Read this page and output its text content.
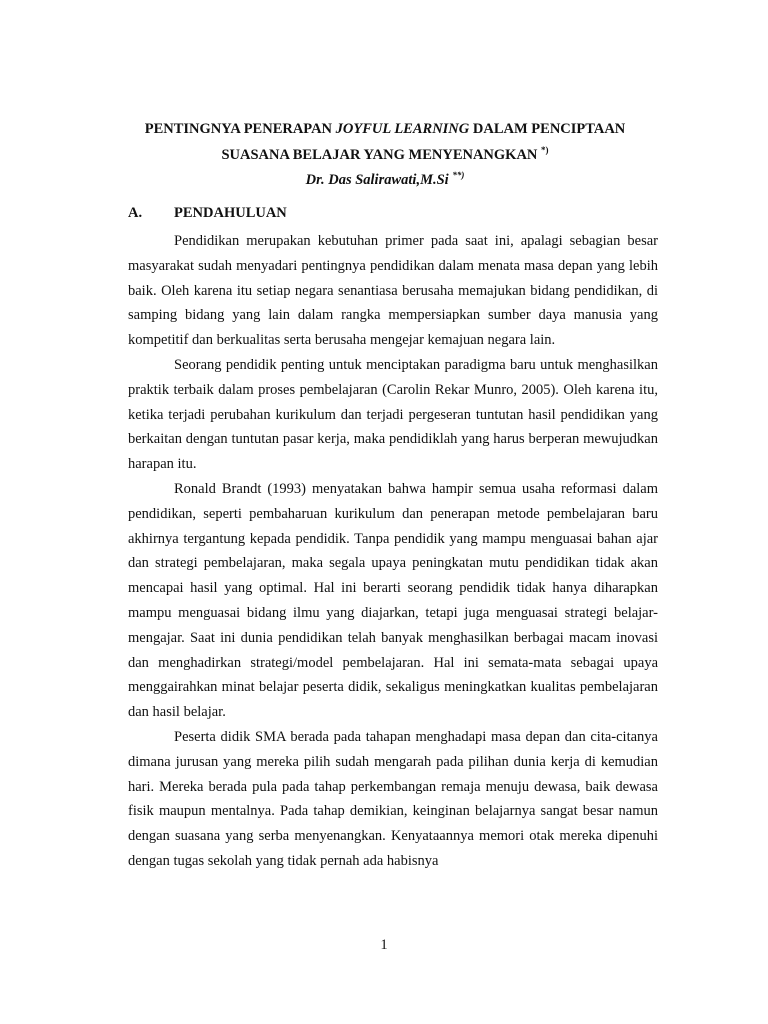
PENTINGNYA PENERAPAN JOYFUL LEARNING DALAM PENCIPTAAN
SUASANA BELAJAR YANG MENYENANGKAN *)
Dr. Das Salirawati,M.Si **)
A. PENDAHULUAN

Pendidikan merupakan kebutuhan primer pada saat ini, apalagi sebagian besar masyarakat sudah menyadari pentingnya pendidikan dalam menata masa depan yang lebih baik. Oleh karena itu setiap negara senantiasa berusaha memajukan bidang pendidikan, di samping bidang yang lain dalam rangka mempersiapkan sumber daya manusia yang kompetitif dan berkualitas serta berusaha mengejar kemajuan negara lain.

Seorang pendidik penting untuk menciptakan paradigma baru untuk menghasilkan praktik terbaik dalam proses pembelajaran (Carolin Rekar Munro, 2005). Oleh karena itu, ketika terjadi perubahan kurikulum dan terjadi pergeseran tuntutan hasil pendidikan yang berkaitan dengan tuntutan pasar kerja, maka pendidiklah yang harus berperan mewujudkan harapan itu.

Ronald Brandt (1993) menyatakan bahwa hampir semua usaha reformasi dalam pendidikan, seperti pembaharuan kurikulum dan penerapan metode pembelajaran baru akhirnya tergantung kepada pendidik. Tanpa pendidik yang mampu menguasai bahan ajar dan strategi pembelajaran, maka segala upaya peningkatan mutu pendidikan tidak akan mencapai hasil yang optimal. Hal ini berarti seorang pendidik tidak hanya diharapkan mampu menguasai bidang ilmu yang diajarkan, tetapi juga menguasai strategi belajar-mengajar. Saat ini dunia pendidikan telah banyak menghasilkan berbagai macam inovasi dan menghadirkan strategi/model pembelajaran. Hal ini semata-mata sebagai upaya menggairahkan minat belajar peserta didik, sekaligus meningkatkan kualitas pembelajaran dan hasil belajar.

Peserta didik SMA berada pada tahapan menghadapi masa depan dan cita-citanya dimana jurusan yang mereka pilih sudah mengarah pada pilihan dunia kerja di kemudian hari. Mereka berada pula pada tahap perkembangan remaja menuju dewasa, baik dewasa fisik maupun mentalnya. Pada tahap demikian, keinginan belajarnya sangat besar namun dengan suasana yang serba menyenangkan. Kenyataannya memori otak mereka dipenuhi dengan tugas sekolah yang tidak pernah ada habisnya

1
